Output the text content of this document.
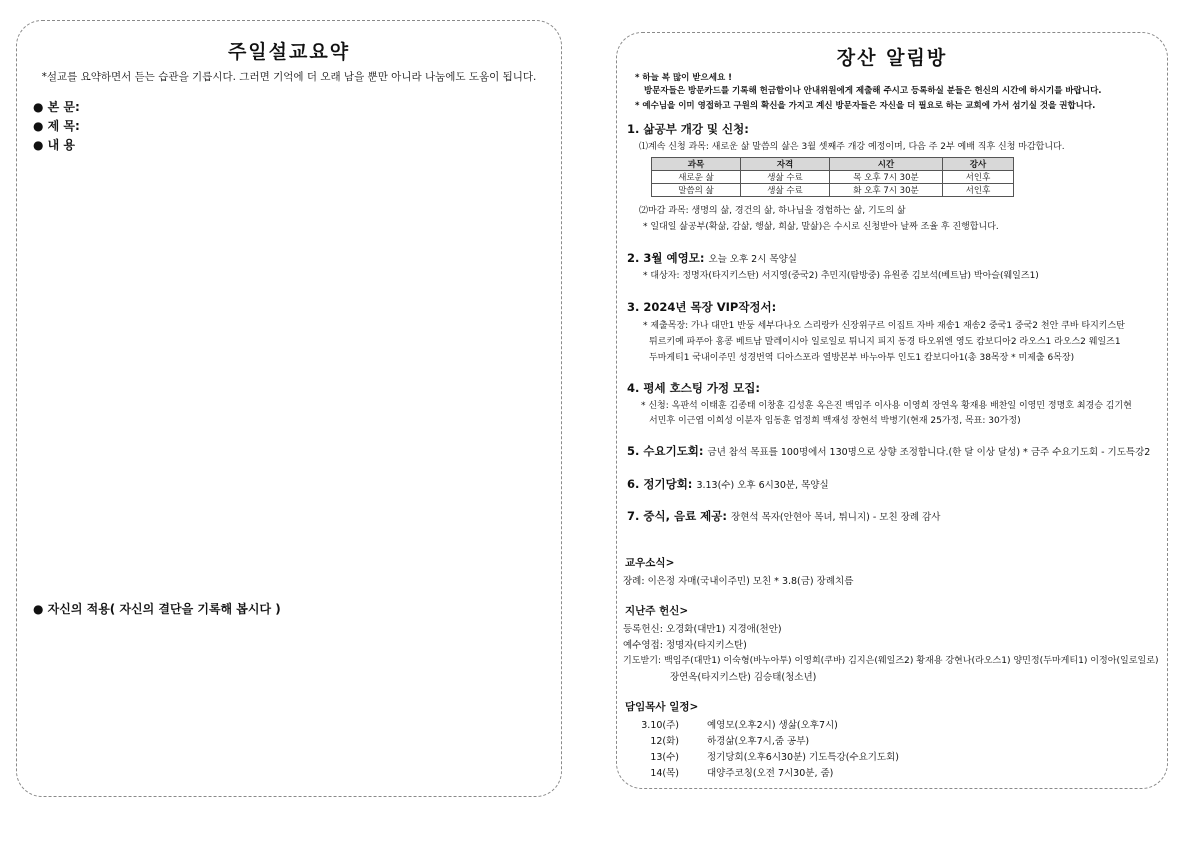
주일설교요약
*설교를 요약하면서 듣는 습관을 기릅시다. 그러면 기억에 더 오래 남을 뿐만 아니라 나눔에도 도움이 됩니다.
● 본 문:
● 제 목:
● 내 용
● 자신의 적용( 자신의 결단을 기록해 봅시다 )
장산 알림방
* 하늘 복 많이 받으세요 !
방문자들은 방문카드를 기록해 헌금함이나 안내위원에게 제출해 주시고 등록하실 분들은 헌신의 시간에 하시기를 바랍니다.
* 예수님을 이미 영접하고 구원의 확신을 가지고 계신 방문자들은 자신을 더 필요로 하는 교회에 가서 섬기실 것을 권합니다.
1. 삶공부 개강 및 신청:
⑴계속 신청 과목: 새로운 삶 말씀의 삶은 3월 셋째주 개강 예정이며, 다음 주 2부 예배 직후 신청 마감합니다.
과목	자격	시간	강사
새로운 삶	생삶 수료	목 오후 7시 30분	서인후
말씀의 삶	생삶 수료	화 오후 7시 30분	서인후
⑵마감 과목: 생명의 삶, 경건의 삶, 하나님을 경험하는 삶, 기도의 삶
* 일대일 삶공부(확삶, 감삶, 행삶, 희삶, 말삶)은 수시로 신청받아 날짜 조율 후 진행합니다.
2. 3월 예영모: 오늘 오후 2시 목양실
* 대상자: 정명자(타지키스탄) 서지영(중국2) 추민지(탐방중) 유원종 김보석(베트남) 박아슬(웨일즈1)
3. 2024년 목장 VIP작정서:
* 제출목장: 가나 대만1 반둥 세부다나오 스리랑카 신장위구르 이집트 자바 재송1 재송2 중국1 중국2 천안 쿠바 타지키스탄
튀르키예 파푸아 홍콩 베트남 말레이시아 일로일로 튀니지 피지 동경 타오위엔 영도 캄보디아2 라오스1 라오스2 웨일즈1
두마게티1 국내이주민 성경번역 디아스포라 열방본부 바누아투 인도1 캄보디아1(총 38목장 * 미제출 6목장)
4. 평세 호스팅 가정 모집:
* 신청: 옥판석 이태훈 김종태 이창훈 김성훈 옥은진 백임주 이사용 이영희 장연옥 황재용 배찬일 이영민 정명호 최경승 김기현
서민후 이근엽 이희성 이분자 임동훈 엄정희 백재성 장현석 박병기(현재 25가정, 목표: 30가정)
5. 수요기도회: 금년 참석 목표를 100명에서 130명으로 상향 조정합니다.(한 달 이상 달성) * 금주 수요기도회 - 기도특강2
6. 정기당회: 3.13(수) 오후 6시30분, 목양실
7. 중식, 음료 제공: 장현석 목자(안현아 목녀, 튀니지) - 모친 장례 감사
교우소식>
장례: 이은정 자매(국내이주민) 모친 * 3.8(금) 장례치름
지난주 헌신>
등록헌신: 오경화(대만1) 지경애(천안)
예수영접: 정명자(타지키스탄)
기도받기: 백임주(대만1) 이숙형(바누아투) 이영희(쿠바) 김지은(웨일즈2) 황재용 강현나(라오스1) 양민정(두마게티1) 이정아(일로일로)
장연옥(타지키스탄) 김승태(청소년)
담임목사 일정>
3.10(주)	예영모(오후2시) 생삶(오후7시)
12(화)	하경삶(오후7시,줌 공부)
13(수)	정기당회(오후6시30분) 기도특강(수요기도회)
14(목)	대양주코칭(오전 7시30분, 줌)
